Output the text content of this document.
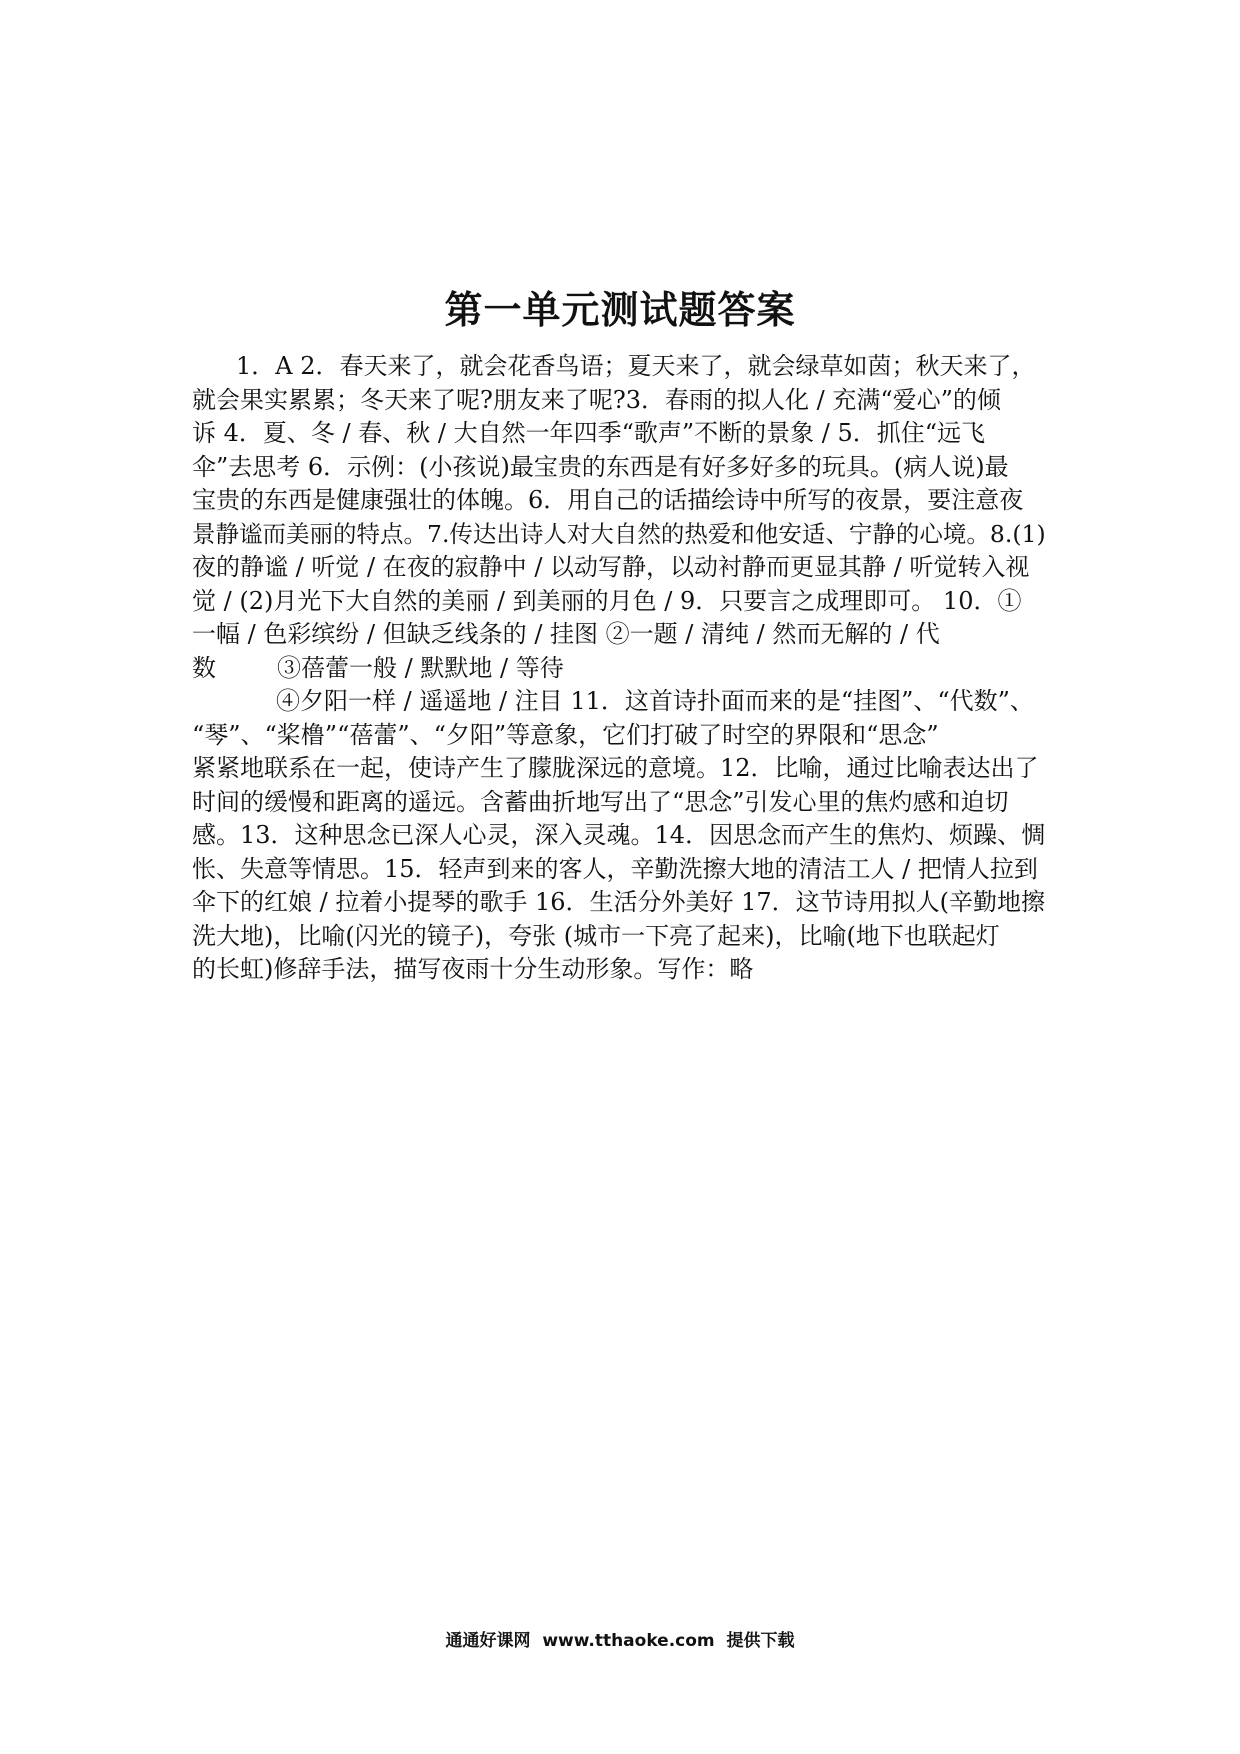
第一单元测试题答案
1．A 2．春天来了，就会花香鸟语；夏天来了，就会绿草如茵；秋天来了，
就会果实累累；冬天来了呢?朋友来了呢?3．春雨的拟人化 / 充满“爱心”的倾
诉 4．夏、冬 / 春、秋 / 大自然一年四季“歌声”不断的景象 / 5．抓住“远飞
伞”去思考 6．示例：(小孩说)最宝贵的东西是有好多好多的玩具。(病人说)最
宝贵的东西是健康强壮的体魄。6．用自己的话描绘诗中所写的夜景，要注意夜
景静谧而美丽的特点。7.传达出诗人对大自然的热爱和他安适、宁静的心境。8.(1)
夜的静谧 / 听觉 / 在夜的寂静中 / 以动写静，以动衬静而更显其静 / 听觉转入视
觉 / (2)月光下大自然的美丽 / 到美丽的月色 / 9．只要言之成理即可。 10．①
一幅 / 色彩缤纷 / 但缺乏线条的 / 挂图 ②一题 / 清纯 / 然而无解的 / 代
数        ③蓓蕾一般 / 默默地 / 等待
④夕阳一样 / 遥遥地 / 注目 11．这首诗扑面而来的是“挂图”、“代数”、
“琴”、“桨橹”“蓓蕾”、“夕阳”等意象，它们打破了时空的界限和“思念”
紧紧地联系在一起，使诗产生了朦胧深远的意境。12．比喻，通过比喻表达出了
时间的缓慢和距离的遥远。含蓄曲折地写出了“思念”引发心里的焦灼感和迫切
感。13．这种思念已深人心灵，深入灵魂。14．因思念而产生的焦灼、烦躁、惆
怅、失意等情思。15．轻声到来的客人，辛勤洗擦大地的清洁工人 / 把情人拉到
伞下的红娘 / 拉着小提琴的歌手 16．生活分外美好 17．这节诗用拟人(辛勤地擦
洗大地)，比喻(闪光的镜子)，夸张 (城市一下亮了起来)，比喻(地下也联起灯
的长虹)修辞手法，描写夜雨十分生动形象。写作：略
通通好课网  www.tthaoke.com  提供下载
